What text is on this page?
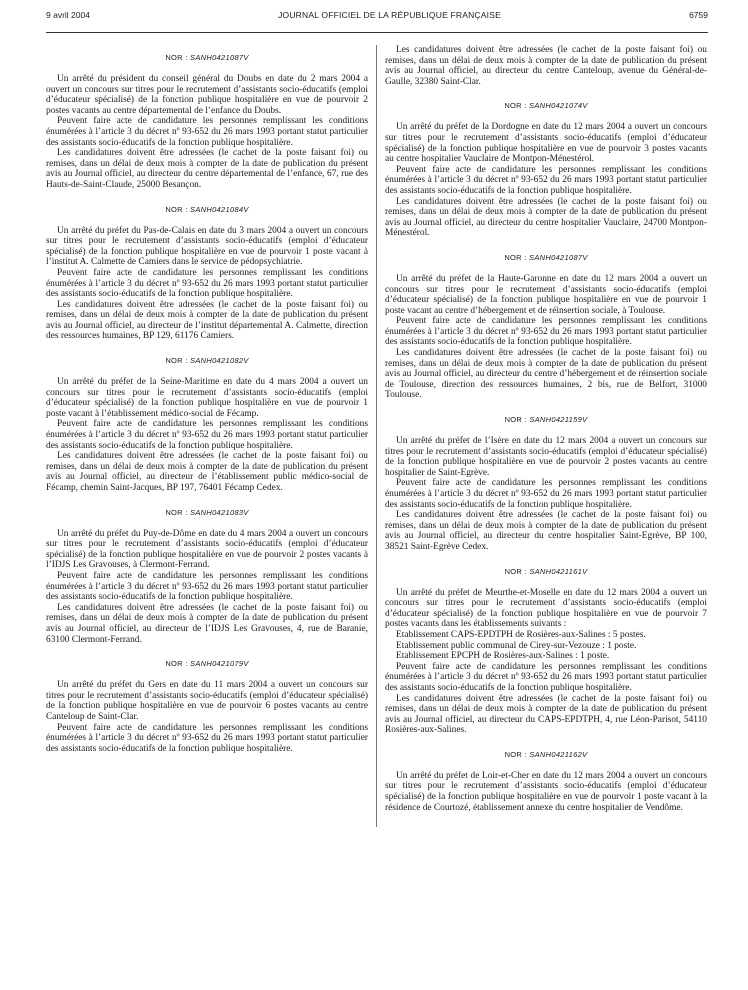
9 avril 2004	JOURNAL OFFICIEL DE LA RÉPUBLIQUE FRANÇAISE	6759
NOR : SANH0421087V

Un arrêté du président du conseil général du Doubs en date du 2 mars 2004 a ouvert un concours sur titres pour le recrutement d’assistants socio-éducatifs (emploi d’éducateur spécialisé) de la fonction publique hospitalière en vue de pourvoir 2 postes vacants au centre départemental de l’enfance du Doubs.

Peuvent faire acte de candidature les personnes remplissant les conditions énumérées à l’article 3 du décret nº 93-652 du 26 mars 1993 portant statut particulier des assistants socio-éducatifs de la fonction publique hospitalière.

Les candidatures doivent être adressées (le cachet de la poste faisant foi) ou remises, dans un délai de deux mois à compter de la date de publication du présent avis au Journal officiel, au directeur du centre départemental de l’enfance, 67, rue des Hauts-de-Saint-Claude, 25000 Besançon.

NOR : SANH0421084V

Un arrêté du préfet du Pas-de-Calais en date du 3 mars 2004 a ouvert un concours sur titres pour le recrutement d’assistants socio-éducatifs (emploi d’éducateur spécialisé) de la fonction publique hospitalière en vue de pourvoir 1 poste vacant à l’institut A. Calmette de Camiers dans le service de pédopsychiatrie.

Peuvent faire acte de candidature les personnes remplissant les conditions énumérées à l’article 3 du décret nº 93-652 du 26 mars 1993 portant statut particulier des assistants socio-éducatifs de la fonction publique hospitalière.

Les candidatures doivent être adressées (le cachet de la poste faisant foi) ou remises, dans un délai de deux mois à compter de la date de publication du présent avis au Journal officiel, au directeur de l’institut départemental A. Calmette, direction des ressources humaines, BP 129, 61176 Camiers.

NOR : SANH0421082V

Un arrêté du préfet de la Seine-Maritime en date du 4 mars 2004 a ouvert un concours sur titres pour le recrutement d’assistants socio-éducatifs (emploi d’éducateur spécialisé) de la fonction publique hospitalière en vue de pourvoir 1 poste vacant à l’établissement médico-social de Fécamp.

Peuvent faire acte de candidature les personnes remplissant les conditions énumérées à l’article 3 du décret nº 93-652 du 26 mars 1993 portant statut particulier des assistants socio-éducatifs de la fonction publique hospitalière.

Les candidatures doivent être adressées (le cachet de la poste faisant foi) ou remises, dans un délai de deux mois à compter de la date de publication du présent avis au Journal officiel, au directeur de l’établissement public médico-social de Fécamp, chemin Saint-Jacques, BP 197, 76401 Fécamp Cedex.

NOR : SANH0421083V

Un arrêté du préfet du Puy-de-Dôme en date du 4 mars 2004 a ouvert un concours sur titres pour le recrutement d’assistants socio-éducatifs (emploi d’éducateur spécialisé) de la fonction publique hospitalière en vue de pourvoir 2 postes vacants à l’IDJS Les Gravouses, à Clermont-Ferrand.

Peuvent faire acte de candidature les personnes remplissant les conditions énumérées à l’article 3 du décret nº 93-652 du 26 mars 1993 portant statut particulier des assistants socio-éducatifs de la fonction publique hospitalière.

Les candidatures doivent être adressées (le cachet de la poste faisant foi) ou remises, dans un délai de deux mois à compter de la date de publication du présent avis au Journal officiel, au directeur de l’IDJS Les Gravouses, 4, rue de Baranie, 63100 Clermont-Ferrand.

NOR : SANH0421079V

Un arrêté du préfet du Gers en date du 11 mars 2004 a ouvert un concours sur titres pour le recrutement d’assistants socio-éducatifs (emploi d’éducateur spécialisé) de la fonction publique hospitalière en vue de pourvoir 6 postes vacants au centre Canteloup de Saint-Clar.

Peuvent faire acte de candidature les personnes remplissant les conditions énumérées à l’article 3 du décret nº 93-652 du 26 mars 1993 portant statut particulier des assistants socio-éducatifs de la fonction publique hospitalière.

Les candidatures doivent être adressées (le cachet de la poste faisant foi) ou remises, dans un délai de deux mois à compter de la date de publication du présent avis au Journal officiel, au directeur du centre Canteloup, avenue du Général-de-Gaulle, 32380 Saint-Clar.

NOR : SANH0421074V

Un arrêté du préfet de la Dordogne en date du 12 mars 2004 a ouvert un concours sur titres pour le recrutement d’assistants socio-éducatifs (emploi d’éducateur spécialisé) de la fonction publique hospitalière en vue de pourvoir 3 postes vacants au centre hospitalier Vauclaire de Montpon-Ménestérol.

Peuvent faire acte de candidature les personnes remplissant les conditions énumérées à l’article 3 du décret nº 93-652 du 26 mars 1993 portant statut particulier des assistants socio-éducatifs de la fonction publique hospitalière.

Les candidatures doivent être adressées (le cachet de la poste faisant foi) ou remises, dans un délai de deux mois à compter de la date de publication du présent avis au Journal officiel, au directeur du centre hospitalier Vauclaire, 24700 Montpon-Ménestérol.

NOR : SANH0421087V

Un arrêté du préfet de la Haute-Garonne en date du 12 mars 2004 a ouvert un concours sur titres pour le recrutement d’assistants socio-éducatifs (emploi d’éducateur spécialisé) de la fonction publique hospitalière en vue de pourvoir 1 poste vacant au centre d’hébergement et de réinsertion sociale, à Toulouse.

Peuvent faire acte de candidature les personnes remplissant les conditions énumérées à l’article 3 du décret nº 93-652 du 26 mars 1993 portant statut particulier des assistants socio-éducatifs de la fonction publique hospitalière.

Les candidatures doivent être adressées (le cachet de la poste faisant foi) ou remises, dans un délai de deux mois à compter de la date de publication du présent avis au Journal officiel, au directeur du centre d’hébergement et de réinsertion sociale de Toulouse, direction des ressources humaines, 2 bis, rue de Belfort, 31000 Toulouse.

NOR : SANH0421159V

Un arrêté du préfet de l’Isère en date du 12 mars 2004 a ouvert un concours sur titres pour le recrutement d’assistants socio-éducatifs (emploi d’éducateur spécialisé) de la fonction publique hospitalière en vue de pourvoir 2 postes vacants au centre hospitalier de Saint-Egrève.

Peuvent faire acte de candidature les personnes remplissant les conditions énumérées à l’article 3 du décret nº 93-652 du 26 mars 1993 portant statut particulier des assistants socio-éducatifs de la fonction publique hospitalière.

Les candidatures doivent être adressées (le cachet de la poste faisant foi) ou remises, dans un délai de deux mois à compter de la date de publication du présent avis au Journal officiel, au directeur du centre hospitalier Saint-Egrève, BP 100, 38521 Saint-Egrève Cedex.

NOR : SANH0421161V

Un arrêté du préfet de Meurthe-et-Moselle en date du 12 mars 2004 a ouvert un concours sur titres pour le recrutement d’assistants socio-éducatifs (emploi d’éducateur spécialisé) de la fonction publique hospitalière en vue de pourvoir 7 postes vacants dans les établissements suivants :

Etablissement CAPS-EPDTPH de Rosières-aux-Salines : 5 postes.
Etablissement public communal de Cirey-sur-Vezouze : 1 poste.
Etablissement EPCPH de Rosières-aux-Salines : 1 poste.

Peuvent faire acte de candidature les personnes remplissant les conditions énumérées à l’article 3 du décret nº 93-652 du 26 mars 1993 portant statut particulier des assistants socio-éducatifs de la fonction publique hospitalière.

Les candidatures doivent être adressées (le cachet de la poste faisant foi) ou remises, dans un délai de deux mois à compter de la date de publication du présent avis au Journal officiel, au directeur du CAPS-EPDTPH, 4, rue Léon-Parisot, 54110 Rosières-aux-Salines.

NOR : SANH0421162V

Un arrêté du préfet de Loir-et-Cher en date du 12 mars 2004 a ouvert un concours sur titres pour le recrutement d’assistants socio-éducatifs (emploi d’éducateur spécialisé) de la fonction publique hospitalière en vue de pourvoir 1 poste vacant à la résidence de Courtozé, établissement annexe du centre hospitalier de Vendôme.
